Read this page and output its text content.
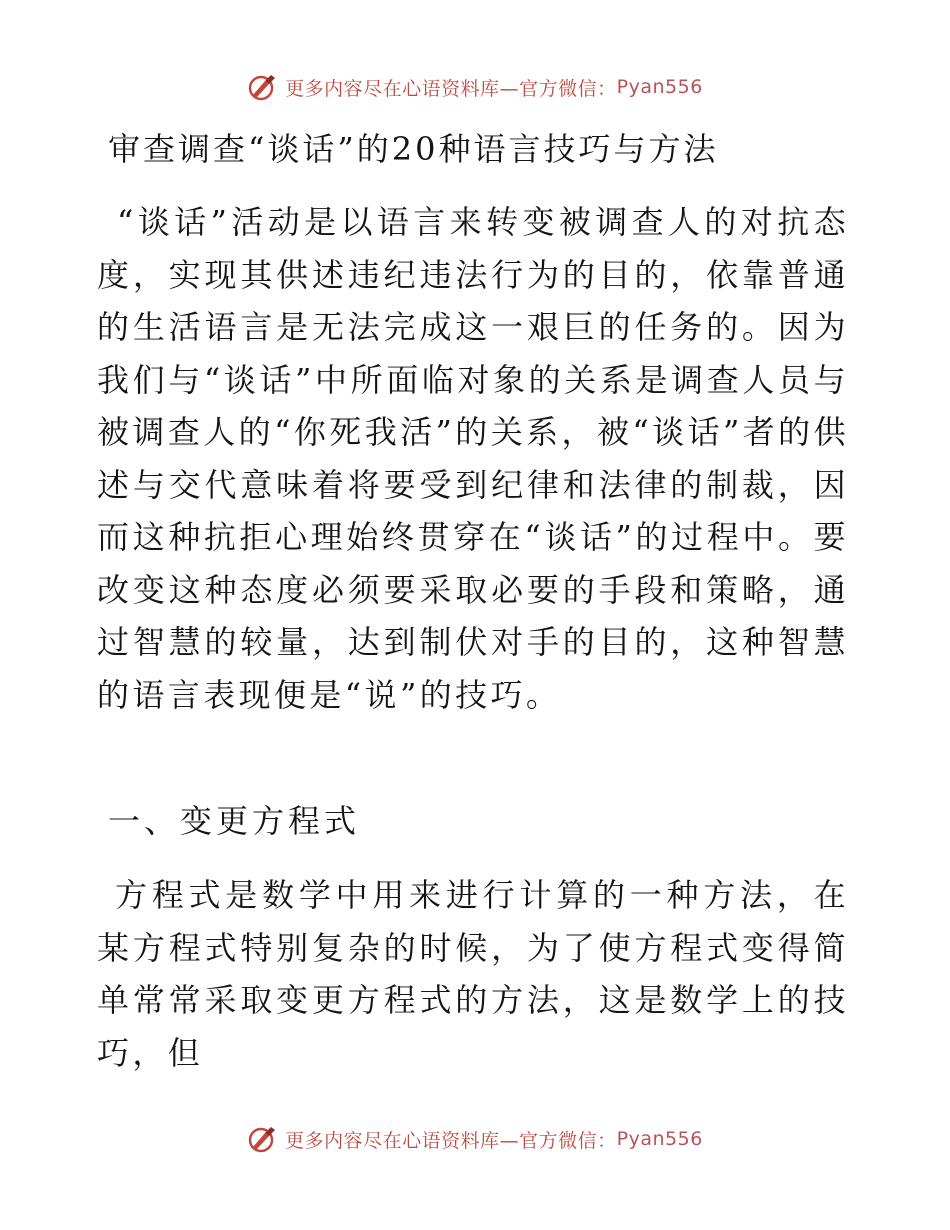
更多内容尽在心语资料库—官方微信： Pyan556
审查调查“谈话”的20种语言技巧与方法

“谈话”活动是以语言来转变被调查人的对抗态度，实现其供述违纪违法行为的目的，依靠普通的生活语言是无法完成这一艰巨的任务的。因为我们与“谈话”中所面临对象的关系是调查人员与被调查人的“你死我活”的关系，被“谈话”者的供述与交代意味着将要受到纪律和法律的制裁，因而这种抗拒心理始终贯穿在“谈话”的过程中。要改变这种态度必须要采取必要的手段和策略，通过智慧的较量，达到制伏对手的目的，这种智慧的语言表现便是“说”的技巧。

一、变更方程式

方程式是数学中用来进行计算的一种方法，在某方程式特别复杂的时候，为了使方程式变得简单常常采取变更方程式的方法，这是数学上的技巧，但

更多内容尽在心语资料库—官方微信： Pyan556
